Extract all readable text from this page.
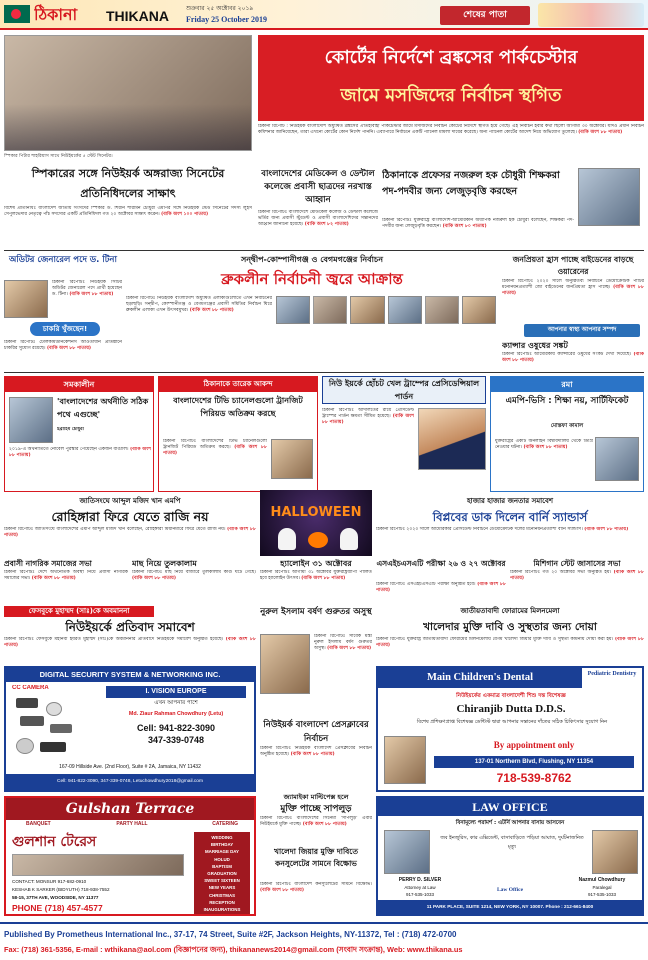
ঠিকানা	THIKANA	শুক্রবার ২৫ অক্টোবর ২০১৯
Friday 25 October 2019	শেষের পাতা
স্পিকার পিটার শাহরিয়াস সাথে নিউইয়র্কের ৫ স্টেট সিনেটর।
কোর্টের নির্দেশে ব্রঙ্কসের পার্কচেস্টার
জামে মসজিদের নির্বাচন স্থগিত
ঠিকানা রিপোর্ট : নিউইয়র্ক বাংলাদেশি অধ্যুষিত ব্রঙ্কসের ঐতিহ্যবাহী পার্কচেস্টার জামে মসজিদের নির্বাচন কোর্টের নির্দেশে স্থগিত হয়ে গেছে। এই নির্বাচন হবার কথা ছিলো আগামী ৩০ অক্টোবর। যদিও প্রধান নির্বাচন কমিশনার জানিয়েছেন, তারা এখনো কোর্টের কোন নির্দেশ পাননি। এব্যাপারে নির্বাচনে একটি প্যানেল মামলা দায়ের করেছে। অন্য প্যানেল কোর্টের আদেশ নিয়ে অভিযোগ তুলেছে। (বাকি অংশ ৮৮ পাতায়)
স্পিকারের সঙ্গে নিউইয়র্ক অঙ্গরাজ্য সিনেটের প্রতিনিধিদলের সাক্ষাৎ
বিশেষ প্রতিনিধিঃ বাংলাদেশ জাতীয় সংসদের স্পিকার ড. শিরীন শারমিন চৌধুরী এমপির সঙ্গে নিউইয়র্ক স্টেট সিনেটের সদস্য লুইস সেপুলভেদার নেতৃত্বে পাঁচ সদস্যের একটি প্রতিনিধিদল গত ২০ অক্টোবর সাক্ষাৎ করেন। (বাকি অংশ ১০০ পাতায়)
বাংলাদেশের মেডিকেল ও ডেন্টাল কলেজে প্রবাসী ছাত্রদের নরখাস্ত আহ্বান
ঠিকানা রিপোর্টঃ বাংলাদেশে মেডিকেল কলেজ ও ডেন্টাল কলেজে ভর্তির জন্য প্রবাসী স্টুডেন্ট ও প্রবাসী বাংলাদেশিদের সন্তানদের আহ্বান জানানো হয়েছে। (বাকি অংশ ৮২ পাতায়)
ঠিকানাকে প্রফেসর নজরুল হক চৌধুরী শিক্ষকরা পদ-পদবীর জন্য লেজুড়বৃত্তি করছেন
ঠিকানা রিপোর্টঃ যুক্তরাষ্ট্রে বাংলাদেশি-আমেরিকান অধ্যাপক নজরুল হক চৌধুরী বলেছেন, শিক্ষকরা পদ-পদবীর জন্য লেজুড়বৃত্তি করছেন। (বাকি অংশ ৮০ পাতায়)
অডিটর জেনারেল পদে ড. টিনা
ঠিকানা রিপোর্টঃ নিউইয়র্ক সিটির অডিটর জেনারেল পদে প্রার্থী হয়েছেন ড. টিনা। (বাকি অংশ ৮৮ পাতায়)
চাকরি খুঁজছেন!
ঠিকানা রিপোর্টঃ টেলিকমিউনিকেশনস আওতাধীন প্রতিষ্ঠানে চাকরির সুযোগ রয়েছে। (বাকি অংশ ৮৮ পাতায়)
সন্দ্বীপ-কোম্পানীগঞ্জ ও বেগমগঞ্জের নির্বাচন
ব্রুকলীন নির্বাচনী জ্বরে আক্রান্ত
ঠিকানা রিপোর্টঃ নিউইয়র্ক বাংলাদেশি অধ্যুষিত এলাকাগুলোতে এখন নির্বাচনের ছড়াছড়ি। সন্দ্বীপ, কোম্পানীগঞ্জ ও বেগমগঞ্জের প্রবাসী সমিতির নির্বাচন ঘিরে ব্রুকলীন এলাকা এখন উৎসবমুখর। (বাকি অংশ ৮৮ পাতায়)
জনপ্রিয়তা হ্রাস পাচ্ছে বাইডেনের বাড়ছে ওয়ারেনের
ঠিকানা রিপোর্টঃ ২০২০ সালে অনুষ্ঠিতব্য নির্বাচনে ডেমোক্রেটিক পার্টির মনোনয়নপ্রত্যাশী জো বাইডেনের জনপ্রিয়তা হ্রাস পাচ্ছে। (বাকি অংশ ৮৮ পাতায়)
আপনার স্বাস্থ্য আপনার সম্পদ
ক্যান্সার ওষুধের সঙ্কট
ঠিকানা রিপোর্টঃ আমেরিকায় ক্যান্সারের ওষুধের সংকট দেখা দিয়েছে। (বাকি অংশ ৮৮ পাতায়)
সমকালীন
'বাংলাদেশের অর্থনীতি সঠিক পথে এগুচ্ছে'
ইব্রাহিম চৌধুরী
২০১৯-এ অর্থনীতিতে নোবেল পুরস্কার পেয়েছেন একজন বাঙালি। (বাকি অংশ ৮৮ পাতায়)
ঠিকানাকে তারেক আকন্দ
বাংলাদেশের টিভি চ্যানেলগুলো ট্রানজিট পিরিয়ড অতিক্রম করছে
ঠিকানা রিপোর্টঃ বাংলাদেশের টিভি চ্যানেলগুলো ট্রানজিট পিরিয়ড অতিক্রম করছে। (বাকি অংশ ৮৮ পাতায়)
নিউ ইয়র্কে হোঁচট খেল ট্রাম্পের প্রেসিডেন্সিয়াল পার্ডন
ঠিকানা রিপোর্টঃ আদালতের রায়ে প্রেসিডেন্ট ট্রাম্পের পার্ডন ক্ষমতা সীমিত হয়েছে। (বাকি অংশ ৮৮ পাতায়)
রমা
এমপি-ভিসি : শিক্ষা নয়, সার্টিফিকেট
মোস্তফা কামাল
যুক্তরাষ্ট্রের একটি অনলাইন বিশ্ববিদ্যালয় থেকে ডিগ্রি নেওয়ার ঘটনা। (বাকি অংশ ৮৮ পাতায়)
জাতিসংঘে আব্দুল মজিদ খান এমপি
রোহিঙ্গারা ফিরে যেতে রাজি নয়
ঠিকানা রিপোর্টঃ জাতিসংঘে বাংলাদেশের এমপি আব্দুল মজিদ খান বলেছেন, রোহিঙ্গারা মিয়ানমারে ফিরে যেতে রাজি নয়। (বাকি অংশ ৮৮ পাতায়)
HALLOWEEN
হাজার হাজার জনতার সমাবেশ
বিপ্লবের ডাক দিলেন বার্নি স্যান্ডার্স
ঠিকানা রিপোর্টঃ ২০২০ সালে আমেরিকার প্রেসিডেন্ট নির্বাচনে ডেমোক্রেটিক দলের মনোনয়নপ্রত্যাশী বার্নি স্যান্ডার্স। (বাকি অংশ ৮৮ পাতায়)
প্রবাসী নাগরিক সমাজের সভা
ঠিকানা রিপোর্টঃ দেশে অর্থনৈতিক অবস্থা নিয়ে প্রবাসী নাগরিক সমাজের সভা। (বাকি অংশ ৮৮ পাতায়)
মাছ নিয়ে তুলকালাম
ঠিকানা রিপোর্টঃ মাছ নিয়ে বাজারে তুলকালাম কাণ্ড ঘটে গেছে। (বাকি অংশ ৮৮ পাতায়)
হ্যালোইন ৩১ অক্টোবর
ঠিকানা রিপোর্টঃ আগামী ৩১ অক্টোবর যুক্তরাষ্ট্রব্যাপী পালিত হবে হ্যালোইন উৎসব। (বাকি অংশ ৮৮ পাতায়)
এসএইচএসএটি পরীক্ষা ২৬ ও ২৭ অক্টোবর
ঠিকানা রিপোর্টঃ এসএইচএসএটি পরীক্ষা অনুষ্ঠিত হবে। (বাকি অংশ ৮৮ পাতায়)
মিশিগান স্টেট জাসাসের সভা
ঠিকানা রিপোর্টঃ গত ২০ অক্টোবর সভা অনুষ্ঠিত হয়। (বাকি অংশ ৮৮ পাতায়)
ফেসবুকে মুহাম্মদ (সাঃ)কে অবমাননা
নিউইয়র্কে প্রতিবাদ সমাবেশ
ঠিকানা রিপোর্টঃ ফেসবুকে মহানবী হযরত মুহাম্মদ (সাঃ)কে অবমাননার প্রতিবাদে নিউইয়র্কে সমাবেশ অনুষ্ঠিত হয়েছে। (বাকি অংশ ৮৮ পাতায়)
নুরুল ইসলাম বর্ষণ গুরুতর অসুস্থ
ঠিকানা রিপোর্টঃ সাবেক মন্ত্রী নুরুল ইসলাম বর্ষণ গুরুতর অসুস্থ। (বাকি অংশ ৮৮ পাতায়)
জাতীয়তাবাদী ফোরামের মিলনমেলা
খালেদার মুক্তি দাবি ও সুস্থতার জন্য দোয়া
ঠিকানা রিপোর্টঃ যুক্তরাষ্ট্র জাতীয়তাবাদী ফোরামের মিলনমেলায় বেগম খালেদা জিয়ার মুক্তি দাবি ও সুস্থতা কামনায় দোয়া করা হয়। (বাকি অংশ ৮৮ পাতায়)
DIGITAL SECURITY SYSTEM & NETWORKING INC.
CC CAMERA	I. VISION EUROPE
এখন আপনার পাশে
Md. Ziaur Rahman Chowdhury (Letu)
Cell: 941-822-3090
347-339-0748
167-09 Hillside Ave. (2nd Floor), Suite # 2A, Jamaica, NY 11432
Cell: 941-822-3090, 347-339-0748, Letuchowdhury2018@gmail.com
Main Children's Dental	Pediatric Dentistry
নিউইয়র্কের একমাত্র বাংলাদেশী শিশু দন্ত বিশেষজ্ঞ
Chiranjib Dutta D.D.S.
বিশেষ প্রশিক্ষণপ্রাপ্ত বিশেষজ্ঞ ডেন্টিস্ট দ্বারা আপনার সন্তানের দাঁতের সঠিক চিকিৎসার সুযোগ নিন
By appointment only
137-01 Northern Blvd, Flushing, NY 11354
718-539-8762
নিউইয়র্ক বাংলাদেশ প্রেসক্লাবের নির্বাচন
ঠিকানা রিপোর্টঃ নিউইয়র্ক বাংলাদেশ প্রেসক্লাবের নির্বাচন অনুষ্ঠিত হয়েছে। (বাকি অংশ ৮৮ পাতায়)
Gulshan Terrace
BANQUET	PARTY HALL	CATERING
গুলশান টেরেস
CONTACT: MONSUR 917-682-0910
KESHAB K SARKER (BIDYUTH) 718-938-7552
58-15, 37TH AVE, WOODSIDE, NY 11377
PHONE (718) 457-4577
WEDDING
BIRTHDAY
MARRIAGE DAY
HOLUD
BAPTISM
GRADUATION
SWEET SIXTEEN
NEW YEARS
CHRISTMAS
RECEPTION
INAUGURATIONS
জ্যামাইকা মাল্টিপেক্স হলে
মুক্তি পাচ্ছে সাপলুড়
ঠিকানা রিপোর্টঃ বাংলাদেশের সিনেমা 'সাপলুড়' এবার নিউইয়র্কে মুক্তি পাচ্ছে। (বাকি অংশ ৮৮ পাতায়)
খালেদা জিয়ার মুক্তি দাবিতে কনসুলেটের সামনে বিক্ষোভ
ঠিকানা রিপোর্টঃ বাংলাদেশ কনস্যুলেটের সামনে বিক্ষোভ। (বাকি অংশ ৮৮ পাতায়)
LAW OFFICE
বিনামূল্যে পরামর্শ : এটর্নি আপনার বাসায় আসবেন
জব ইনজুরিস, কার এক্সিডেন্ট, বাসাবাড়িতে পড়িয়া আঘাত, দুর্ঘটনাজনিত মৃত্যু
PERRY D. SILVER
Attorney at Law
917-535-1033
Law Office
Nazmul Chowdhury
Paralegal
917-535-1033
11 PARK PLACE, SUITE 1214, NEW YORK, NY 10007. Phone : 212-661-8400
Published By Prometheus International Inc., 37-17, 74 Street, Suite #2F, Jackson Heights, NY-11372, Tel : (718) 472-0700
Fax: (718) 361-5356, E-mail : wthikana@aol.com (বিজ্ঞাপনের জন্য), thikananews2014@gmail.com (সংবাদ সংক্রান্ত), Web: www.thikana.us
